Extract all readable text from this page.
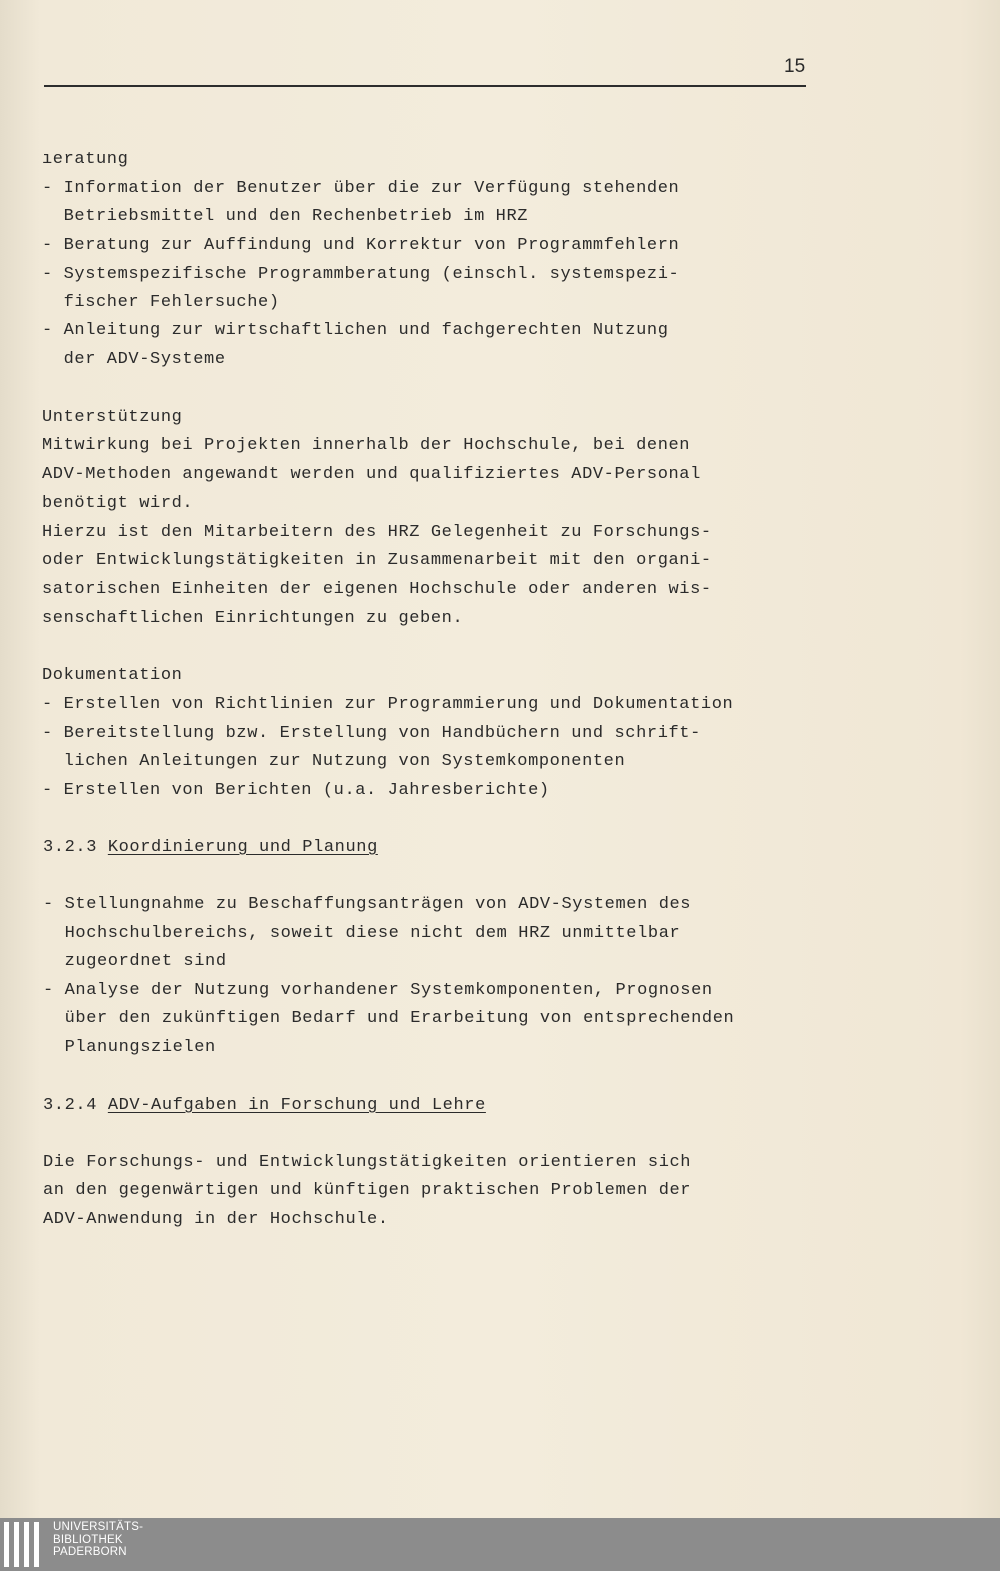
15
ıeratung
- Information der Benutzer über die zur Verfügung stehenden
Betriebsmittel und den Rechenbetrieb im HRZ
- Beratung zur Auffindung und Korrektur von Programmfehlern
- Systemspezifische Programmberatung (einschl. systemspezi-
fischer Fehlersuche)
- Anleitung zur wirtschaftlichen und fachgerechten Nutzung
der ADV-Systeme
Unterstützung
Mitwirkung bei Projekten innerhalb der Hochschule, bei denen
ADV-Methoden angewandt werden und qualifiziertes ADV-Personal
benötigt wird.
Hierzu ist den Mitarbeitern des HRZ Gelegenheit zu Forschungs-
oder Entwicklungstätigkeiten in Zusammenarbeit mit den organi-
satorischen Einheiten der eigenen Hochschule oder anderen wis-
senschaftlichen Einrichtungen zu geben.
Dokumentation
- Erstellen von Richtlinien zur Programmierung und Dokumentation
- Bereitstellung bzw. Erstellung von Handbüchern und schrift-
lichen Anleitungen zur Nutzung von Systemkomponenten
- Erstellen von Berichten (u.a. Jahresberichte)
3.2.3 Koordinierung und Planung
- Stellungnahme zu Beschaffungsanträgen von ADV-Systemen des
Hochschulbereichs, soweit diese nicht dem HRZ unmittelbar
zugeordnet sind
- Analyse der Nutzung vorhandener Systemkomponenten, Prognosen
über den zukünftigen Bedarf und Erarbeitung von entsprechenden
Planungszielen
3.2.4 ADV-Aufgaben in Forschung und Lehre
Die Forschungs- und Entwicklungstätigkeiten orientieren sich
an den gegenwärtigen und künftigen praktischen Problemen der
ADV-Anwendung in der Hochschule.
UNIVERSITÄTS-
BIBLIOTHEK
PADERBORN
